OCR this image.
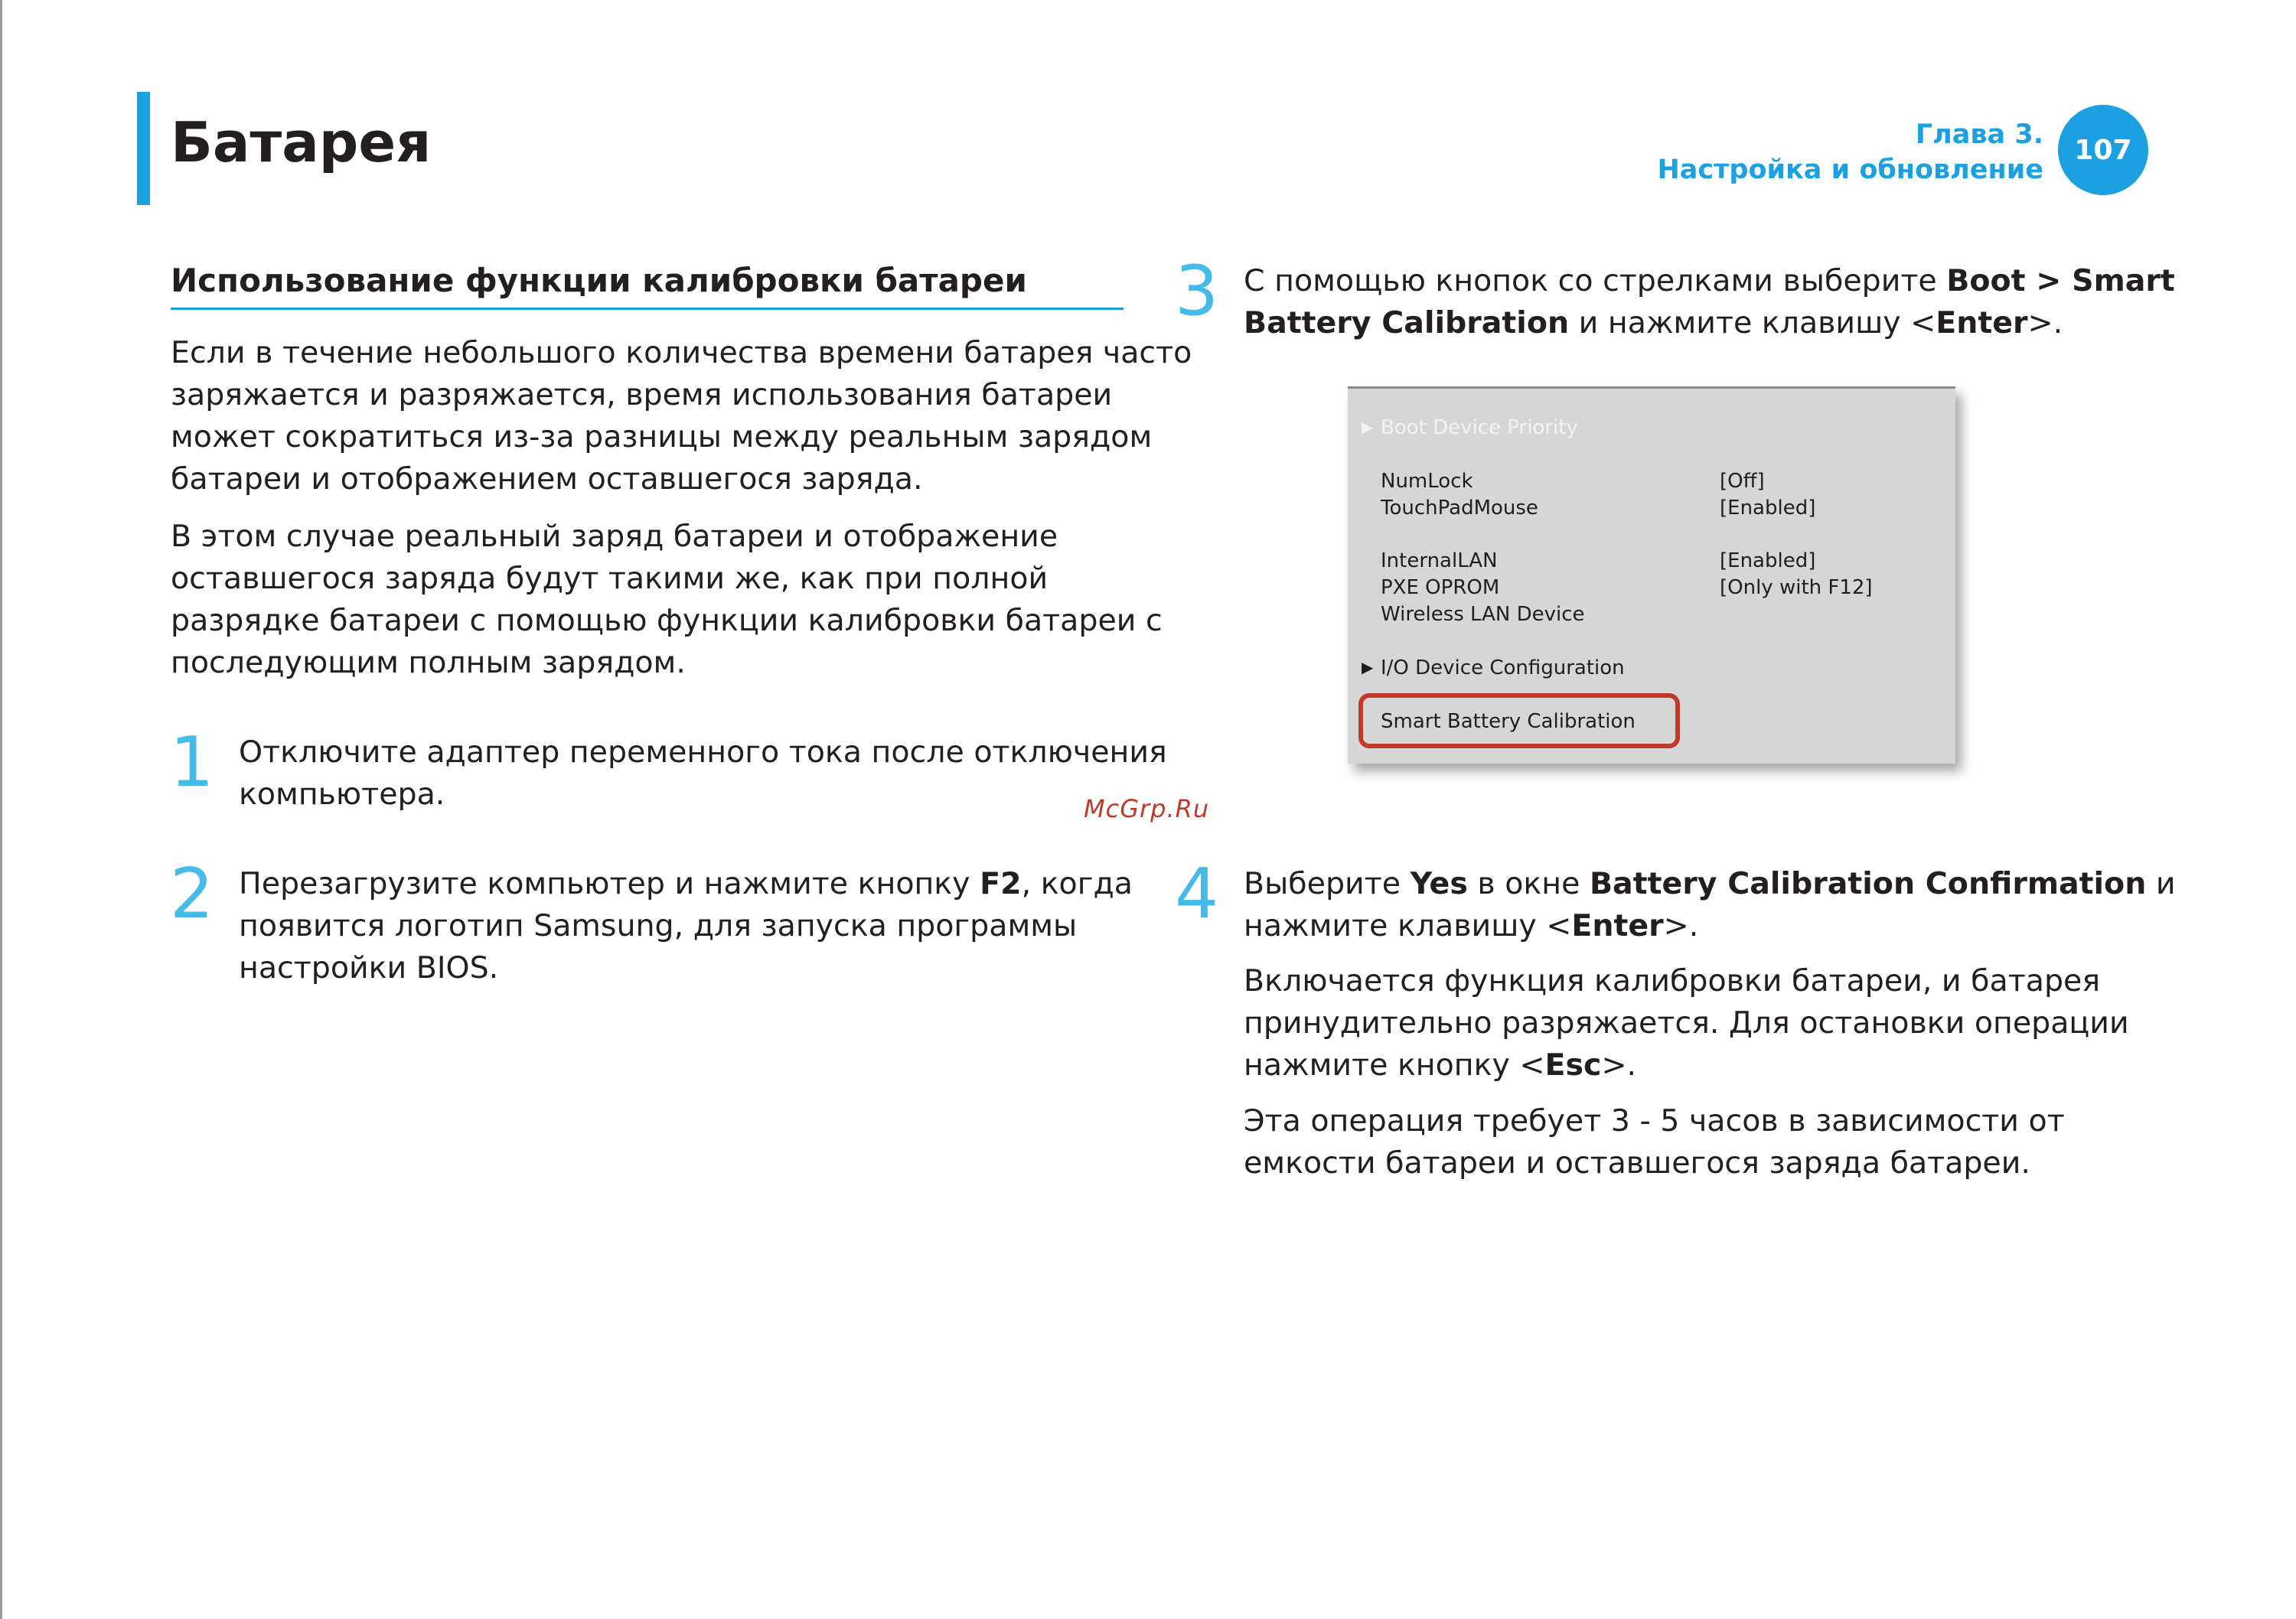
Батарея	Глава 3.
Настройка и обновление
107
Использование функции калибровки батареи
Если в течение небольшого количества времени батарея часто
заряжается и разряжается, время использования батареи
может сократиться из-за разницы между реальным зарядом
батареи и отображением оставшегося заряда.
В этом случае реальный заряд батареи и отображение
оставшегося заряда будут такими же, как при полной
разрядке батареи с помощью функции калибровки батареи с
последующим полным зарядом.
1 Отключите адаптер переменного тока после отключения
компьютера.
2 Перезагрузите компьютер и нажмите кнопку F2, когда
появится логотип Samsung, для запуска программы
настройки BIOS.
3 С помощью кнопок со стрелками выберите Boot > Smart
Battery Calibration и нажмите клавишу <Enter>.
▶ Boot Device Priority
NumLock	[Off]
TouchPadMouse	[Enabled]
InternalLAN	[Enabled]
PXE OPROM	[Only with F12]
Wireless LAN Device
▶ I/O Device Configuration
Smart Battery Calibration
McGrp.Ru
4 Выберите Yes в окне Battery Calibration Confirmation и
нажмите клавишу <Enter>.
Включается функция калибровки батареи, и батарея
принудительно разряжается. Для остановки операции
нажмите кнопку <Esc>.
Эта операция требует 3 - 5 часов в зависимости от
емкости батареи и оставшегося заряда батареи.
